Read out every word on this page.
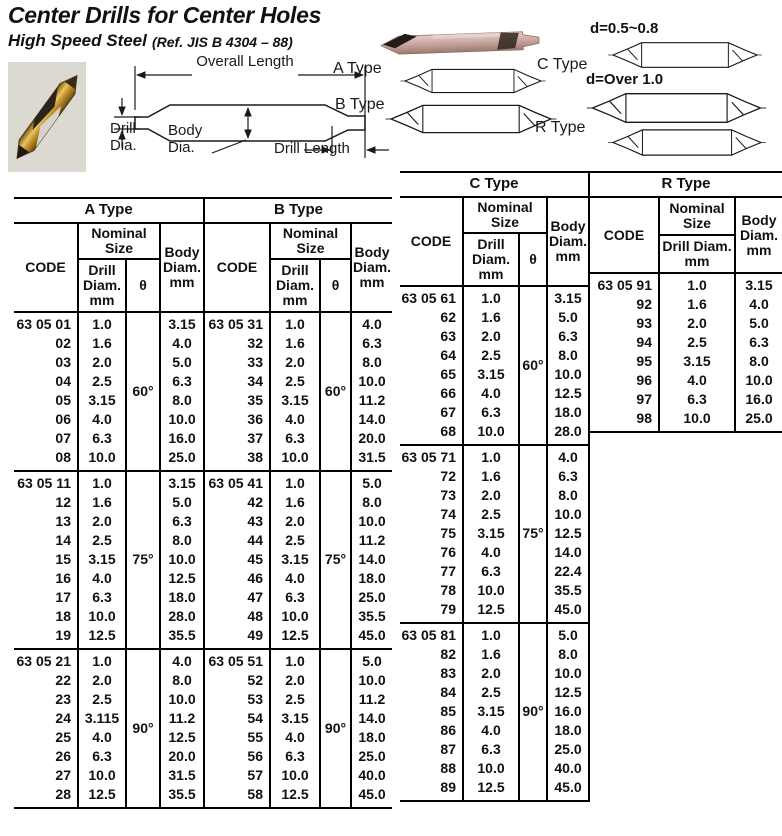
Center Drills for Center Holes
High Speed Steel (Ref. JIS B 4304 – 88)
Overall Length
Drill Dia.
Body Dia.	Drill Length
A Type
B Type
d=0.5~0.8
C Type
d=Over 1.0
R Type
A Type
CODE
Nominal Size
Drill Diam. mm
θ
Body Diam. mm
63 05 01
02
03
04
05
06
07
08
1.0
1.6
2.0
2.5
3.15
4.0
6.3
10.0
60°
3.15
4.0
5.0
6.3
8.0
10.0
16.0
25.0
63 05 11
12
13
14
15
16
17
18
19
1.0
1.6
2.0
2.5
3.15
4.0
6.3
10.0
12.5
75°
3.15
5.0
6.3
8.0
10.0
12.5
18.0
28.0
35.5
63 05 21
22
23
24
25
26
27
28
1.0
2.0
2.5
3.115
4.0
6.3
10.0
12.5
90°
4.0
8.0
10.0
11.2
12.5
20.0
31.5
35.5
B Type
CODE
Nominal Size
Drill Diam. mm
θ
Body Diam. mm
63 05 31
32
33
34
35
36
37
38
1.0
1.6
2.0
2.5
3.15
4.0
6.3
10.0
60°
4.0
6.3
8.0
10.0
11.2
14.0
20.0
31.5
63 05 41
42
43
44
45
46
47
48
49
1.0
1.6
2.0
2.5
3.15
4.0
6.3
10.0
12.5
75°
5.0
8.0
10.0
11.2
14.0
18.0
25.0
35.5
45.0
63 05 51
52
53
54
55
56
57
58
1.0
2.0
2.5
3.15
4.0
6.3
10.0
12.5
90°
5.0
10.0
11.2
14.0
18.0
25.0
40.0
45.0
C Type
CODE
Nominal Size
Drill Diam. mm
θ
Body Diam. mm
63 05 61
62
63
64
65
66
67
68
1.0
1.6
2.0
2.5
3.15
4.0
6.3
10.0
60°
3.15
5.0
6.3
8.0
10.0
12.5
18.0
28.0
63 05 71
72
73
74
75
76
77
78
79
1.0
1.6
2.0
2.5
3.15
4.0
6.3
10.0
12.5
75°
4.0
6.3
8.0
10.0
12.5
14.0
22.4
35.5
45.0
63 05 81
82
83
84
85
86
87
88
89
1.0
1.6
2.0
2.5
3.15
4.0
6.3
10.0
12.5
90°
5.0
8.0
10.0
12.5
16.0
18.0
25.0
40.0
45.0
R Type
CODE
Nominal Size
Drill Diam. mm
Body Diam. mm
63 05 91
92
93
94
95
96
97
98
1.0
1.6
2.0
2.5
3.15
4.0
6.3
10.0
3.15
4.0
5.0
6.3
8.0
10.0
16.0
25.0
